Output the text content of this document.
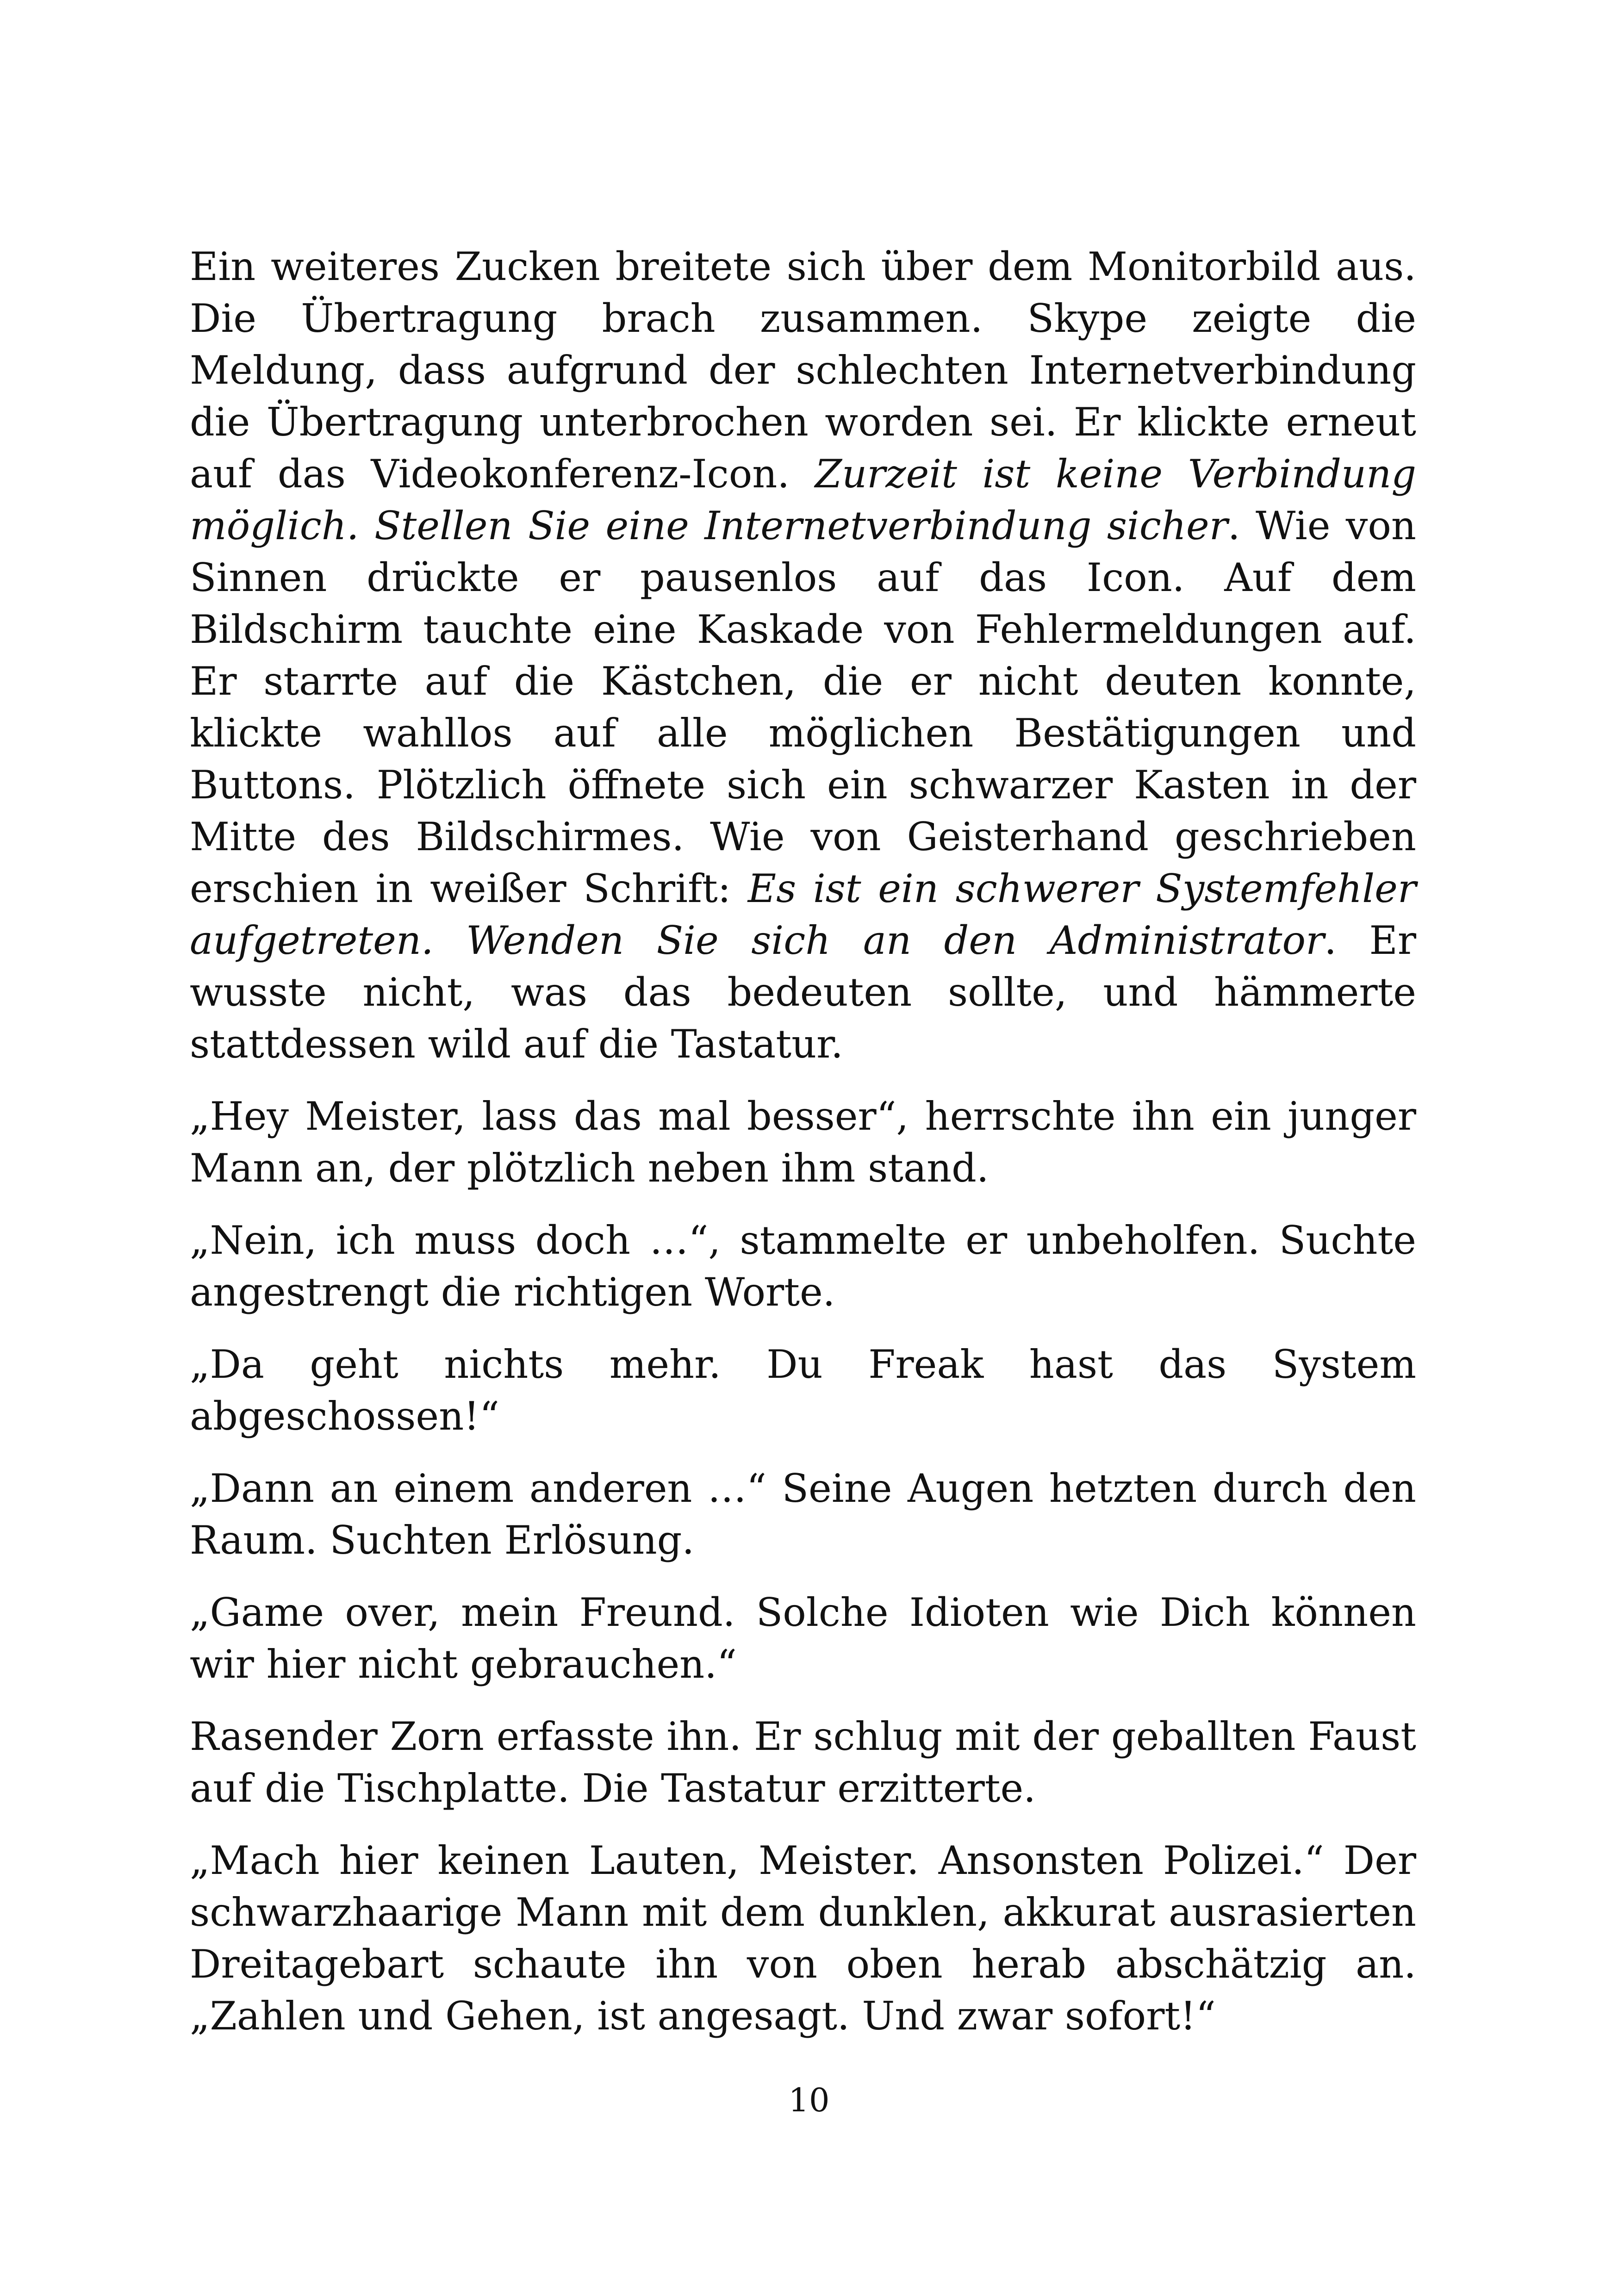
Ein weiteres Zucken breitete sich über dem Monitorbild aus. Die Übertragung brach zusammen. Skype zeigte die Meldung, dass aufgrund der schlechten Internetverbindung die Übertragung unterbrochen worden sei. Er klickte erneut auf das Videokonferenz-Icon. Zurzeit ist keine Verbindung möglich. Stellen Sie eine Internetverbindung sicher. Wie von Sinnen drückte er pausenlos auf das Icon. Auf dem Bildschirm tauchte eine Kaskade von Fehlermeldungen auf. Er starrte auf die Kästchen, die er nicht deuten konnte, klickte wahllos auf alle möglichen Bestätigungen und Buttons. Plötzlich öffnete sich ein schwarzer Kasten in der Mitte des Bildschirmes. Wie von Geisterhand geschrieben erschien in weißer Schrift: Es ist ein schwerer Systemfehler aufgetreten. Wenden Sie sich an den Administrator. Er wusste nicht, was das bedeuten sollte, und hämmerte stattdessen wild auf die Tastatur.

„Hey Meister, lass das mal besser“, herrschte ihn ein junger Mann an, der plötzlich neben ihm stand.

„Nein, ich muss doch …“, stammelte er unbeholfen. Suchte angestrengt die richtigen Worte.

„Da geht nichts mehr. Du Freak hast das System abgeschossen!“

„Dann an einem anderen …“ Seine Augen hetzten durch den Raum. Suchten Erlösung.

„Game over, mein Freund. Solche Idioten wie Dich können wir hier nicht gebrauchen.“

Rasender Zorn erfasste ihn. Er schlug mit der geballten Faust auf die Tischplatte. Die Tastatur erzitterte.

„Mach hier keinen Lauten, Meister. Ansonsten Polizei.“ Der schwarzhaarige Mann mit dem dunklen, akkurat ausrasierten Dreitagebart schaute ihn von oben herab abschätzig an. „Zahlen und Gehen, ist angesagt. Und zwar sofort!“

10
